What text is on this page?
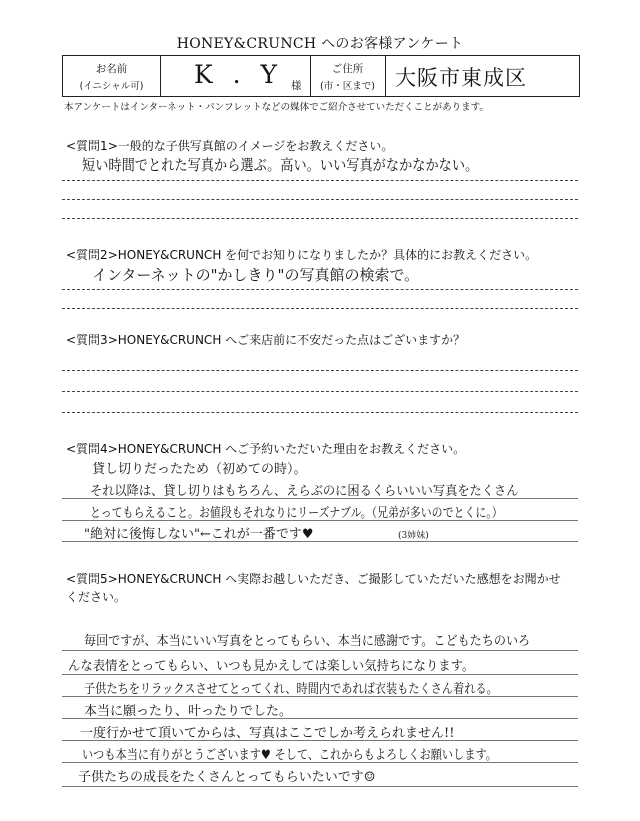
HONEY&CRUNCH へのお客様アンケート
お名前
(イニシャル可)	K . Y 様
ご住所
(市・区まで) 大阪市東成区
本アンケートはインターネット・パンフレットなどの媒体でご紹介させていただくことがあります。
<質問1>一般的な子供写真館のイメージをお教えください。
短い時間でとれた写真から選ぶ。高い。いい写真がなかなかない。
<質問2>HONEY&CRUNCH を何でお知りになりましたか？具体的にお教えください。
インターネットの"かしきり"の写真館の検索で。
<質問3>HONEY&CRUNCH へご来店前に不安だった点はございますか？
<質問4>HONEY&CRUNCH へご予約いただいた理由をお教えください。
貸し切りだったため（初めての時）。
それ以降は、貸し切りはもちろん、えらぶのに困るくらいいい写真をたくさん
とってもらえること。お値段もそれなりにリーズナブル。（兄弟が多いのでとくに。）
"絶対に後悔しない"←これが一番です♥	(3姉妹)
<質問5>HONEY&CRUNCH へ実際お越しいただき、ご撮影していただいた感想をお聞かせ
ください。
毎回ですが、本当にいい写真をとってもらい、本当に感謝です。こどもたちのいろ
んな表情をとってもらい、いつも見かえしては楽しい気持ちになります。
子供たちをリラックスさせてとってくれ、時間内であれば衣装もたくさん着れる。
本当に願ったり、叶ったりでした。
一度行かせて頂いてからは、写真はここでしか考えられません!!
いつも本当に有りがとうございます♥ そして、これからもよろしくお願いします。
子供たちの成長をたくさんとってもらいたいです☺
